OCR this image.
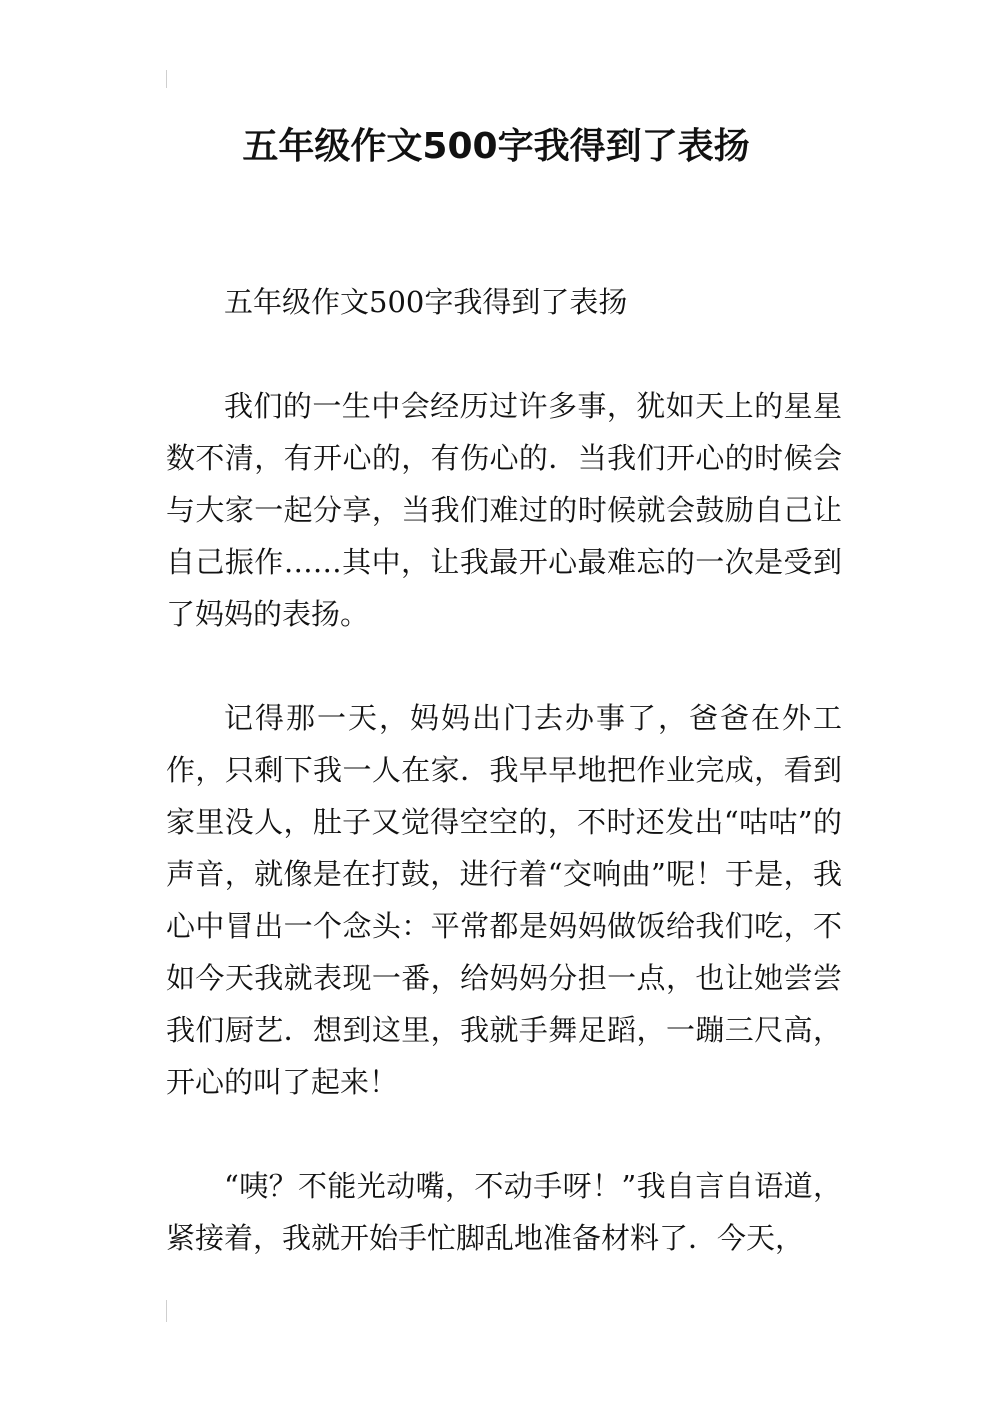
五年级作文500字我得到了表扬
五年级作文500字我得到了表扬
我们的一生中会经历过许多事，犹如天上的星星数不清，有开心的，有伤心的．当我们开心的时候会与大家一起分享，当我们难过的时候就会鼓励自己让自己振作……其中，让我最开心最难忘的一次是受到了妈妈的表扬。
记得那一天，妈妈出门去办事了，爸爸在外工作，只剩下我一人在家．我早早地把作业完成，看到家里没人，肚子又觉得空空的，不时还发出“咕咕”的声音，就像是在打鼓，进行着“交响曲”呢！于是，我心中冒出一个念头：平常都是妈妈做饭给我们吃，不如今天我就表现一番，给妈妈分担一点，也让她尝尝我们厨艺．想到这里，我就手舞足蹈，一蹦三尺高，开心的叫了起来！
“咦？不能光动嘴，不动手呀！”我自言自语道，紧接着，我就开始手忙脚乱地准备材料了．今天，
